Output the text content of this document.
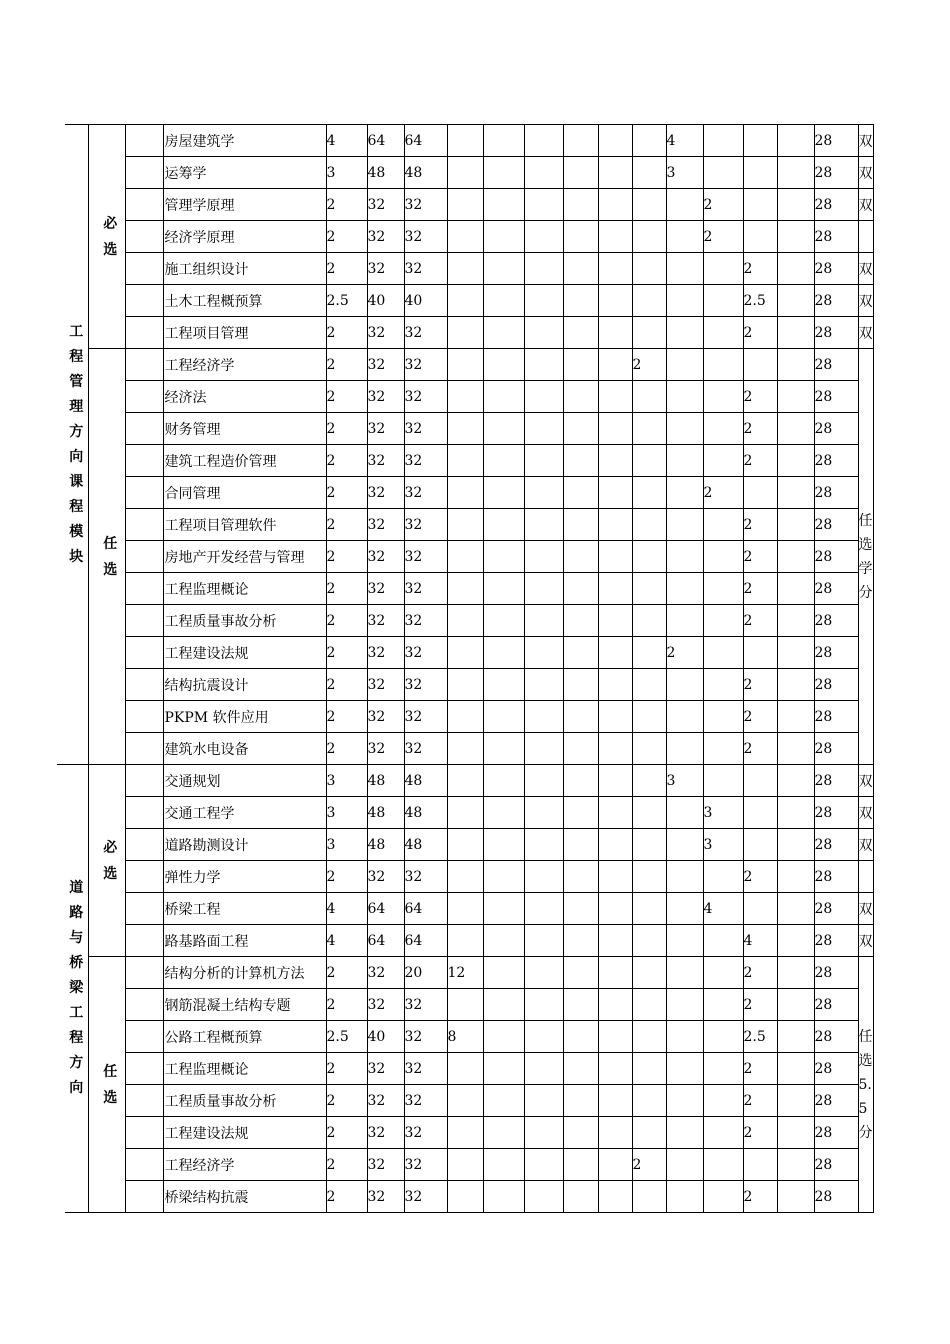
	工程管理方向课程模块		必选		房屋建筑学	4	64	64							4				28	双
					运筹学	3	48	48							3				28	双
					管理学原理	2	32	32								2			28	双
					经济学原理	2	32	32								2			28	
					施工组织设计	2	32	32									2		28	双
					土木工程概预算	2.5	40	40									2.5		28	双
					工程项目管理	2	32	32									2		28	双
			任选		工程经济学	2	32	32						2					28	任选学分
					经济法	2	32	32									2		28	
					财务管理	2	32	32									2		28	
					建筑工程造价管理	2	32	32									2		28	
					合同管理	2	32	32								2			28	
					工程项目管理软件	2	32	32									2		28	
					房地产开发经营与管理	2	32	32									2		28	
					工程监理概论	2	32	32									2		28	
					工程质量事故分析	2	32	32									2		28	
					工程建设法规	2	32	32							2				28	
					结构抗震设计	2	32	32									2		28	
					PKPM 软件应用	2	32	32									2		28	
					建筑水电设备	2	32	32									2		28	
	道路与桥梁工程方向		必选		交通规划	3	48	48							3				28	双
					交通工程学	3	48	48								3			28	双
					道路勘测设计	3	48	48								3			28	双
					弹性力学	2	32	32									2		28	
					桥梁工程	4	64	64								4			28	双
					路基路面工程	4	64	64									4		28	双
			任选		结构分析的计算机方法	2	32	20	12								2		28	任选5.5分
					钢筋混凝土结构专题	2	32	32									2		28	
					公路工程概预算	2.5	40	32	8								2.5		28	
					工程监理概论	2	32	32									2		28	
					工程质量事故分析	2	32	32									2		28	
					工程建设法规	2	32	32									2		28	
					工程经济学	2	32	32						2					28	
					桥梁结构抗震	2	32	32									2		28	
